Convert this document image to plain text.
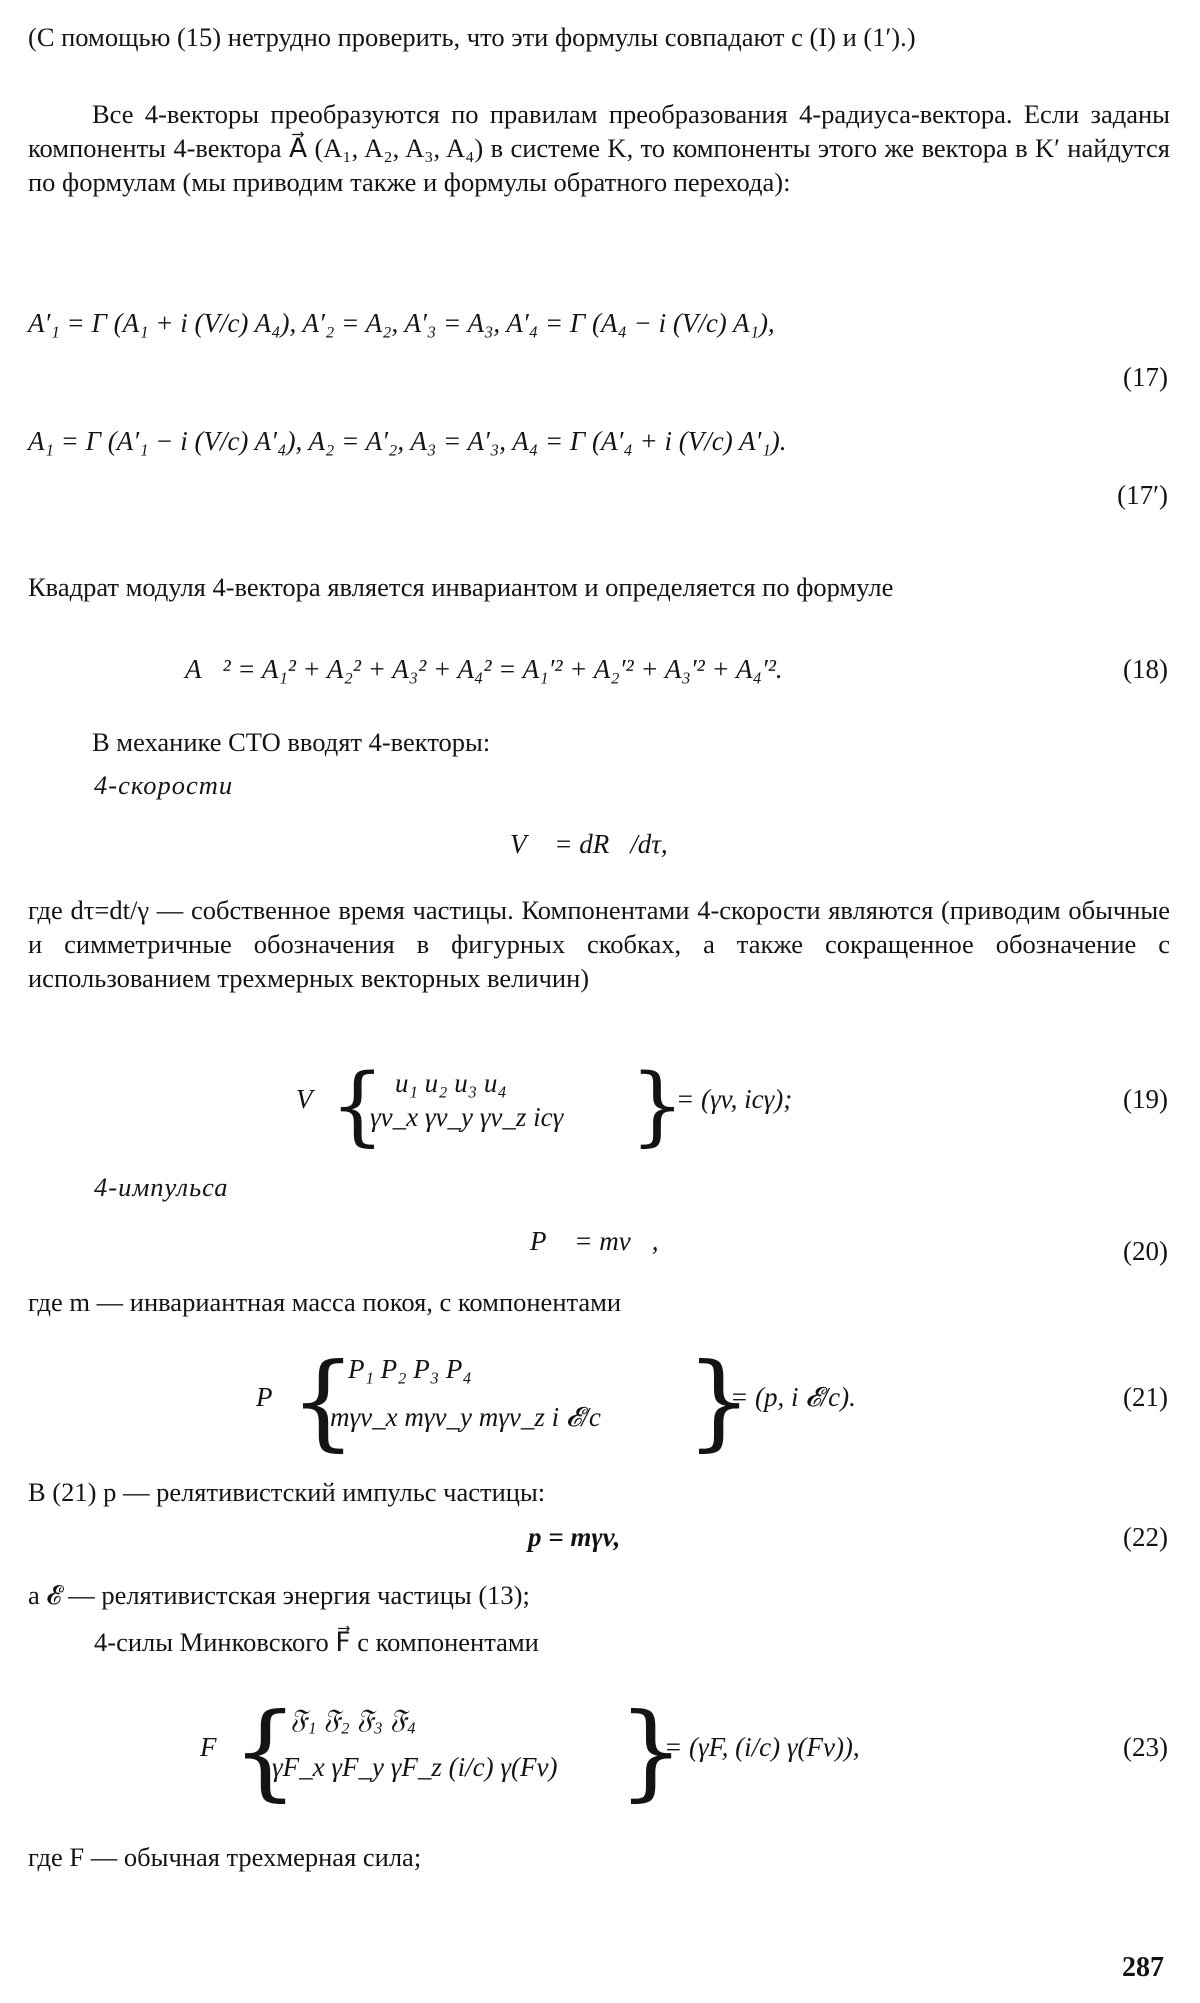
(С помощью (15) нетрудно проверить, что эти формулы совпадают с (I) и (1′).)
Все 4-векторы преобразуются по правилам преобразования 4-радиуса-вектора. Если заданы компоненты 4-вектора A⃗ (A₁, A₂, A₃, A₄) в системе K, то компоненты этого же вектора в K′ найдутся по формулам (мы приводим также и формулы обратного перехода):
A′₁ = Γ (A₁ + i (V/c) A₄), A′₂ = A₂, A′₃ = A₃, A′₄ = Γ (A₄ − i (V/c) A₁),
(17)
A₁ = Γ (A′₁ − i (V/c) A′₄), A₂ = A′₂, A₃ = A′₃, A₄ = Γ (A′₄ + i (V/c) A′₁).
(17′)
Квадрат модуля 4-вектора является инвариантом и определяется по формуле
A⃗² = A₁² + A₂² + A₃² + A₄² = A₁′² + A₂′² + A₃′² + A₄′².	(18)
В механике СТО вводят 4-векторы:
4-скорости
V⃗ = dR⃗/dτ,
где dτ=dt/γ — собственное время частицы. Компонентами 4-скорости являются (приводим обычные и симметричные обозначения в фигурных скобках, а также сокращенное обозначение с использованием трехмерных векторных величин)
V⃗
{ u₁ u₂ u₃ u₄
γv_x γv_y γv_z icγ }
= (γv, icγ);	(19)
4-импульса
P⃗ = mv⃗,	(20)
где m — инвариантная масса покоя, с компонентами
P⃗
{
P₁ P₂ P₃ P₄
mγv_x mγv_y mγv_z i 𝓔/c }
= (p, i 𝓔/c).	(21)
В (21) p — релятивистский импульс частицы:
p = mγv,	(22)
а 𝓔 — релятивистская энергия частицы (13);
4-силы Минковского F⃗ с компонентами
F⃗
{
𝔉₁ 𝔉₂ 𝔉₃ 𝔉₄
γF_x γF_y γF_z (i/c) γ(Fv) }
= (γF, (i/c) γ(Fv)),	(23)
где F — обычная трехмерная сила;
287
